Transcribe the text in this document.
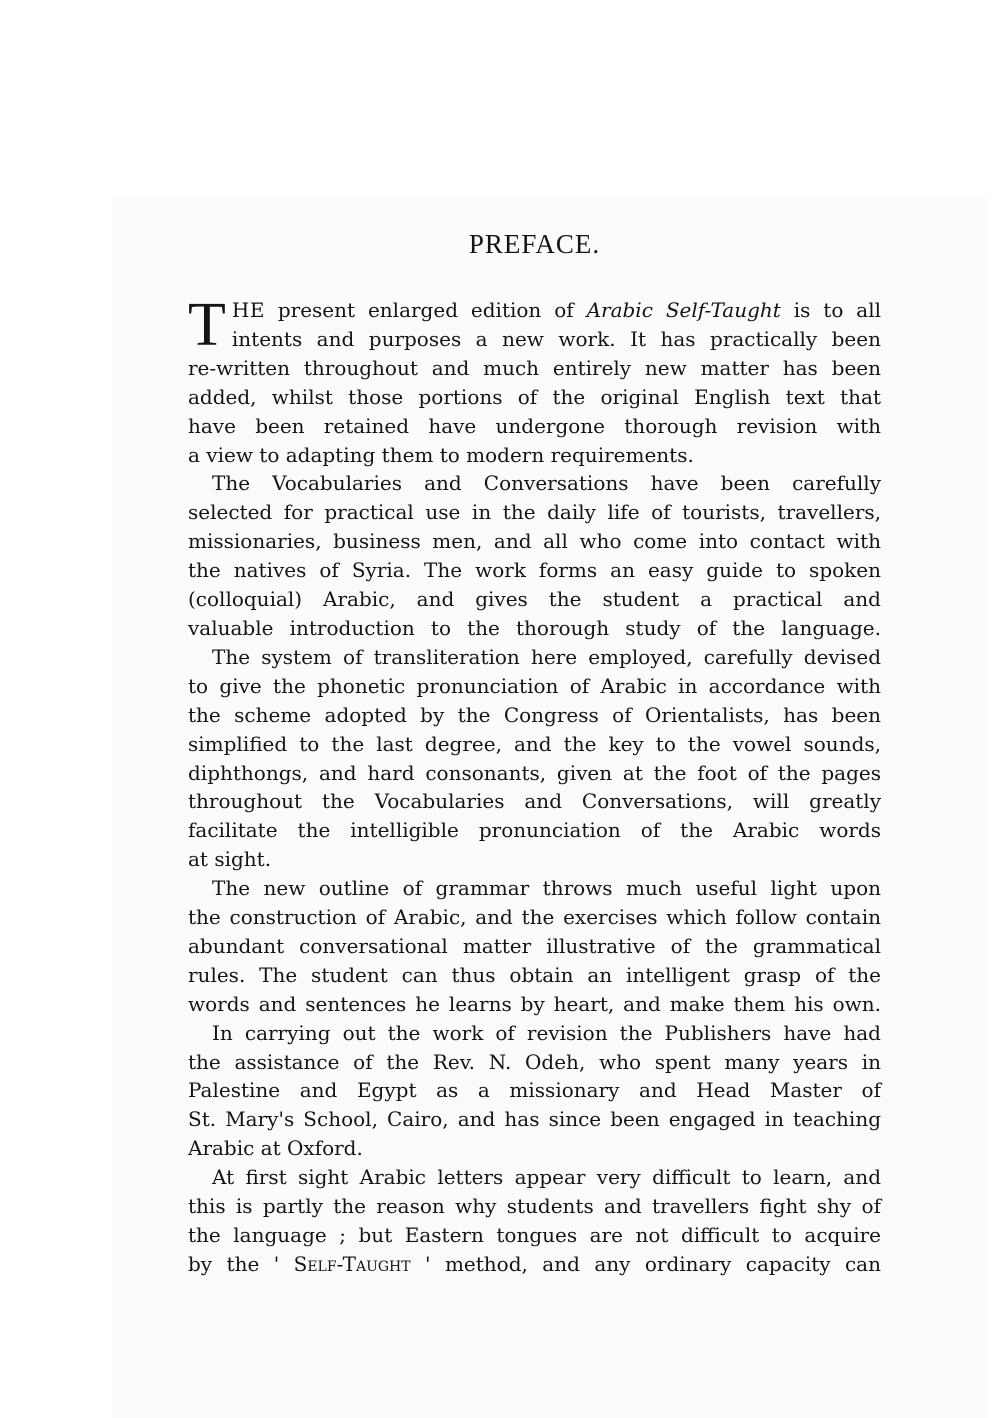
PREFACE.
T HE present enlarged edition of Arabic Self-Taught is to all
intents and purposes a new work. It has practically been
re-written throughout and much entirely new matter has been
added, whilst those portions of the original English text that
have been retained have undergone thorough revision with
a view to adapting them to modern requirements.
The Vocabularies and Conversations have been carefully
selected for practical use in the daily life of tourists, travellers,
missionaries, business men, and all who come into contact with
the natives of Syria. The work forms an easy guide to spoken
(colloquial) Arabic, and gives the student a practical and
valuable introduction to the thorough study of the language.
The system of transliteration here employed, carefully devised
to give the phonetic pronunciation of Arabic in accordance with
the scheme adopted by the Congress of Orientalists, has been
simplified to the last degree, and the key to the vowel sounds,
diphthongs, and hard consonants, given at the foot of the pages
throughout the Vocabularies and Conversations, will greatly
facilitate the intelligible pronunciation of the Arabic words
at sight.
The new outline of grammar throws much useful light upon
the construction of Arabic, and the exercises which follow contain
abundant conversational matter illustrative of the grammatical
rules. The student can thus obtain an intelligent grasp of the
words and sentences he learns by heart, and make them his own.
In carrying out the work of revision the Publishers have had
the assistance of the Rev. N. Odeh, who spent many years in
Palestine and Egypt as a missionary and Head Master of
St. Mary's School, Cairo, and has since been engaged in teaching
Arabic at Oxford.
At first sight Arabic letters appear very difficult to learn, and
this is partly the reason why students and travellers fight shy of
the language ; but Eastern tongues are not difficult to acquire
by the ' Self-Taught ' method, and any ordinary capacity can
